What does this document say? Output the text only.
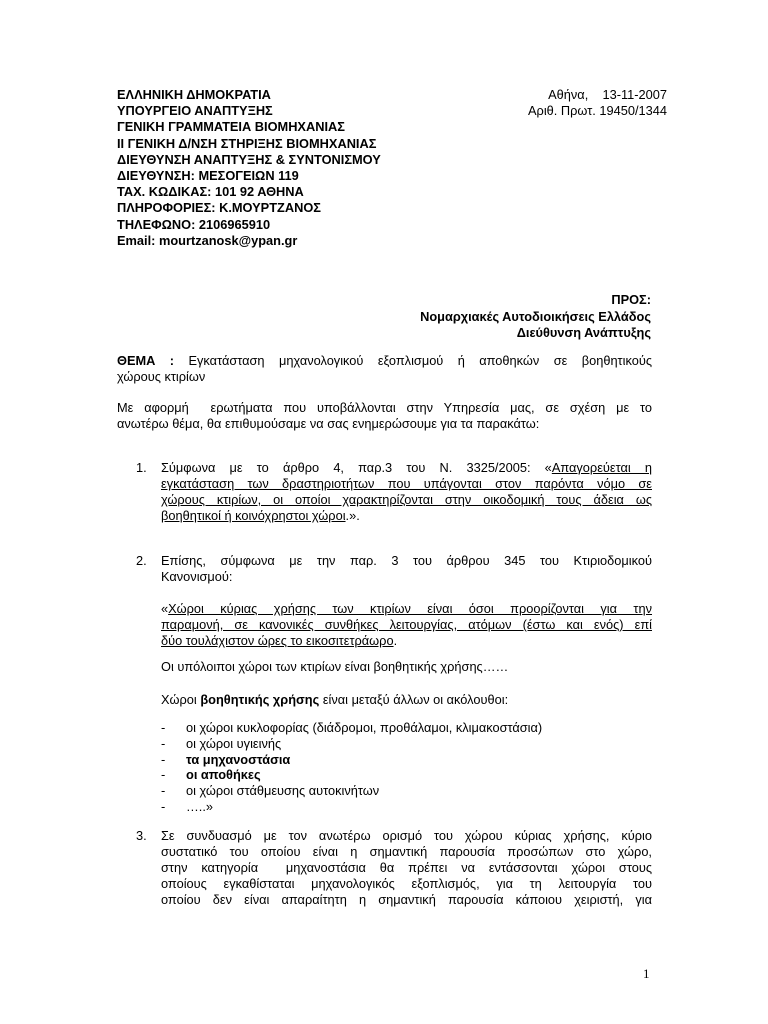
ΕΛΛΗΝΙΚΗ ΔΗΜΟΚΡΑΤΙΑ
ΥΠΟΥΡΓΕΙΟ ΑΝΑΠΤΥΞΗΣ
ΓΕΝΙΚΗ ΓΡΑΜΜΑΤΕΙΑ ΒΙΟΜΗΧΑΝΙΑΣ
ΙΙ ΓΕΝΙΚΗ Δ/ΝΣΗ ΣΤΗΡΙΞΗΣ ΒΙΟΜΗΧΑΝΙΑΣ
ΔΙΕΥΘΥΝΣΗ ΑΝΑΠΤΥΞΗΣ & ΣΥΝΤΟΝΙΣΜΟΥ
ΔΙΕΥΘΥΝΣΗ: ΜΕΣΟΓΕΙΩΝ 119
ΤΑΧ. ΚΩΔΙΚΑΣ: 101 92 ΑΘΗΝΑ
ΠΛΗΡΟΦΟΡΙΕΣ: Κ.ΜΟΥΡΤΖΑΝΟΣ
ΤΗΛΕΦΩΝΟ: 2106965910
Email: mourtzanosk@ypan.gr
Αθήνα,    13-11-2007
Αριθ. Πρωτ. 19450/1344
ΠΡΟΣ:
Νομαρχιακές Αυτοδιοικήσεις Ελλάδος
Διεύθυνση Ανάπτυξης
ΘΕΜΑ : Εγκατάσταση μηχανολογικού εξοπλισμού ή αποθηκών σε βοηθητικούς
χώρους κτιρίων
Με αφορμή  ερωτήματα που υποβάλλονται στην Υπηρεσία μας, σε σχέση με το
ανωτέρω θέμα, θα επιθυμούσαμε να σας ενημερώσουμε για τα παρακάτω:
1. Σύμφωνα με το άρθρο 4, παρ.3 του Ν. 3325/2005: «Απαγορεύεται η
εγκατάσταση των δραστηριοτήτων που υπάγονται στον παρόντα νόμο σε
χώρους κτιρίων, οι οποίοι χαρακτηρίζονται στην οικοδομική τους άδεια ως
βοηθητικοί ή κοινόχρηστοι χώροι.».
2. Επίσης, σύμφωνα με την παρ. 3 του άρθρου 345 του Κτιριοδομικού
Κανονισμού:
«Χώροι κύριας χρήσης των κτιρίων είναι όσοι προορίζονται για την
παραμονή, σε κανονικές συνθήκες λειτουργίας, ατόμων (έστω και ενός) επί
δύο τουλάχιστον ώρες το εικοσιτετράωρο.
Οι υπόλοιποι χώροι των κτιρίων είναι βοηθητικής χρήσης……
Χώροι βοηθητικής χρήσης είναι μεταξύ άλλων οι ακόλουθοι:
- οι χώροι κυκλοφορίας (διάδρομοι, προθάλαμοι, κλιμακοστάσια)
- οι χώροι υγιεινής
- τα μηχανοστάσια
- οι αποθήκες
- οι χώροι στάθμευσης αυτοκινήτων
- …..»
3. Σε συνδυασμό με τον ανωτέρω ορισμό του χώρου κύριας χρήσης, κύριο
συστατικό του οποίου είναι η σημαντική παρουσία προσώπων στο χώρο,
στην κατηγορία  μηχανοστάσια θα πρέπει να εντάσσονται χώροι στους
οποίους εγκαθίσταται μηχανολογικός εξοπλισμός, για τη λειτουργία του
οποίου δεν είναι απαραίτητη η σημαντική παρουσία κάποιου χειριστή, για
1
